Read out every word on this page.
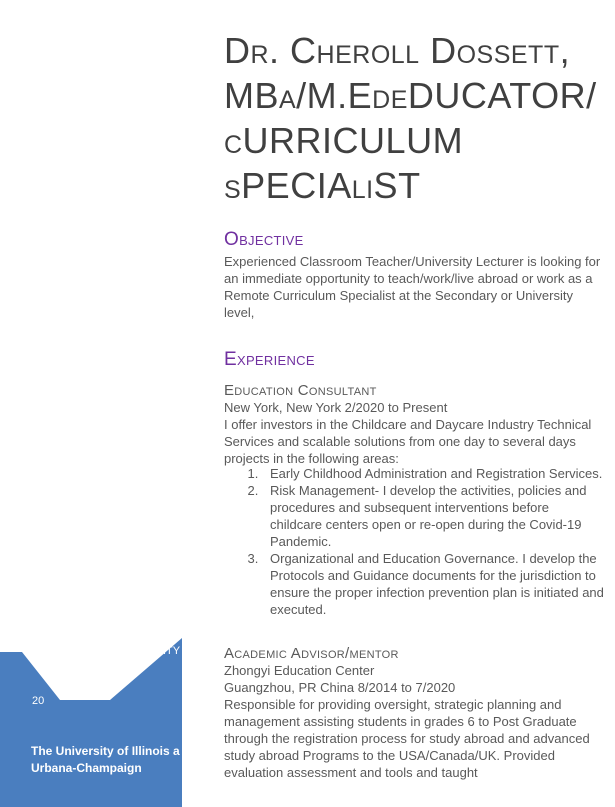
ITY
20
The University of Illinois a
Urbana-Champaign
Dr. Cheroll Dossett,
MBa/M.EdeDUCATOR/
cURRICULUM
sPECIAliST
Objective
Experienced Classroom Teacher/University Lecturer is looking for an immediate opportunity to teach/work/live abroad or work as a Remote Curriculum Specialist at the Secondary or University level,
Experience
Education Consultant
New York, New York 2/2020 to Present
I offer investors in the Childcare and Daycare Industry Technical Services and scalable solutions from one day to several days projects in the following areas:
1. Early Childhood Administration and Registration Services.
2. Risk Management- I develop the activities, policies and procedures and subsequent interventions before childcare centers open or re-open during the Covid-19 Pandemic.
3. Organizational and Education Governance. I develop the Protocols and Guidance documents for the jurisdiction to ensure the proper infection prevention plan is initiated and executed.
Academic Advisor/mentor
Zhongyi Education Center
Guangzhou, PR China 8/2014 to 7/2020
Responsible for providing oversight, strategic planning and management assisting students in grades 6 to Post Graduate through the registration process for study abroad and advanced study abroad Programs to the USA/Canada/UK. Provided evaluation assessment and tools and taught
